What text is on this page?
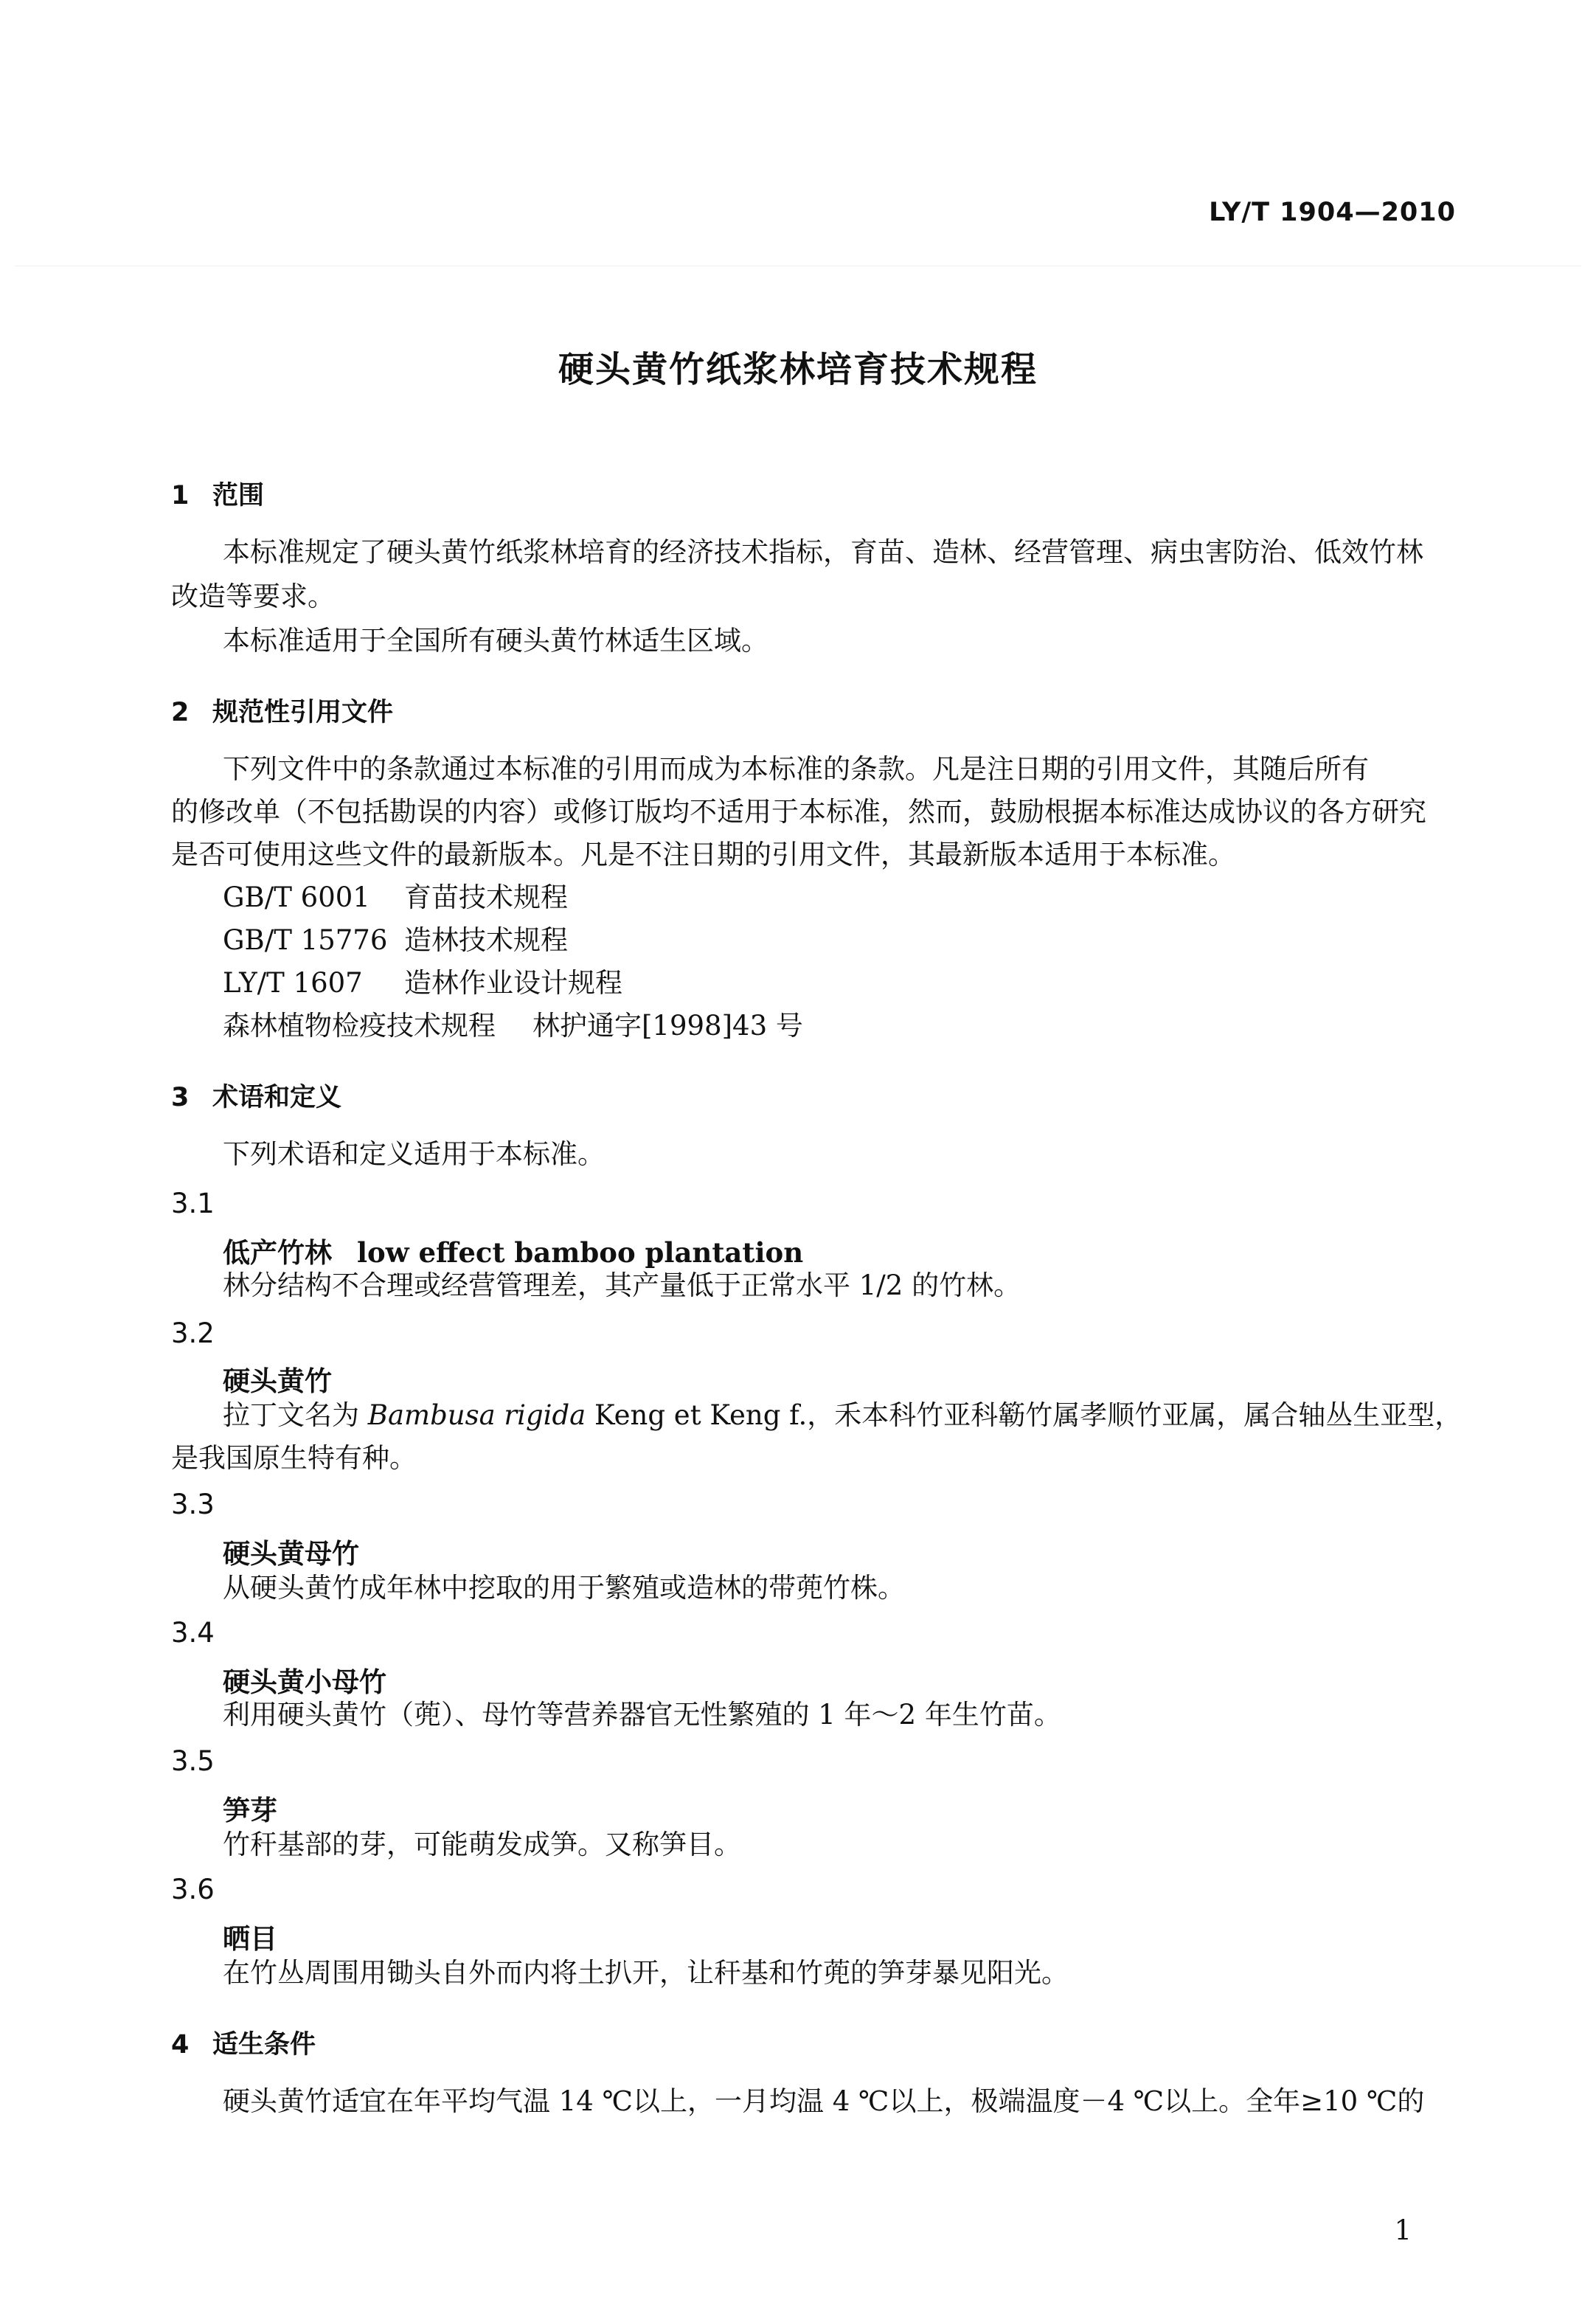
LY/T 1904—2010
硬头黄竹纸浆林培育技术规程
1 范围
本标准规定了硬头黄竹纸浆林培育的经济技术指标，育苗、造林、经营管理、病虫害防治、低效竹林
改造等要求。
本标准适用于全国所有硬头黄竹林适生区域。
2 规范性引用文件
下列文件中的条款通过本标准的引用而成为本标准的条款。凡是注日期的引用文件，其随后所有
的修改单（不包括勘误的内容）或修订版均不适用于本标准，然而，鼓励根据本标准达成协议的各方研究
是否可使用这些文件的最新版本。凡是不注日期的引用文件，其最新版本适用于本标准。
GB/T 6001 育苗技术规程
GB/T 15776 造林技术规程
LY/T 1607 造林作业设计规程
森林植物检疫技术规程 林护通字[1998]43 号
3 术语和定义
下列术语和定义适用于本标准。
3.1
低产竹林 low effect bamboo plantation
林分结构不合理或经营管理差，其产量低于正常水平 1/2 的竹林。
3.2
硬头黄竹
拉丁文名为 Bambusa rigida Keng et Keng f.，禾本科竹亚科簕竹属孝顺竹亚属，属合轴丛生亚型，
是我国原生特有种。
3.3
硬头黄母竹
从硬头黄竹成年林中挖取的用于繁殖或造林的带蔸竹株。
3.4
硬头黄小母竹
利用硬头黄竹（蔸）、母竹等营养器官无性繁殖的 1 年～2 年生竹苗。
3.5
笋芽
竹秆基部的芽，可能萌发成笋。又称笋目。
3.6
晒目
在竹丛周围用锄头自外而内将土扒开，让秆基和竹蔸的笋芽暴见阳光。
4 适生条件
硬头黄竹适宜在年平均气温 14 ℃以上，一月均温 4 ℃以上，极端温度－4 ℃以上。全年≥10 ℃的
1
